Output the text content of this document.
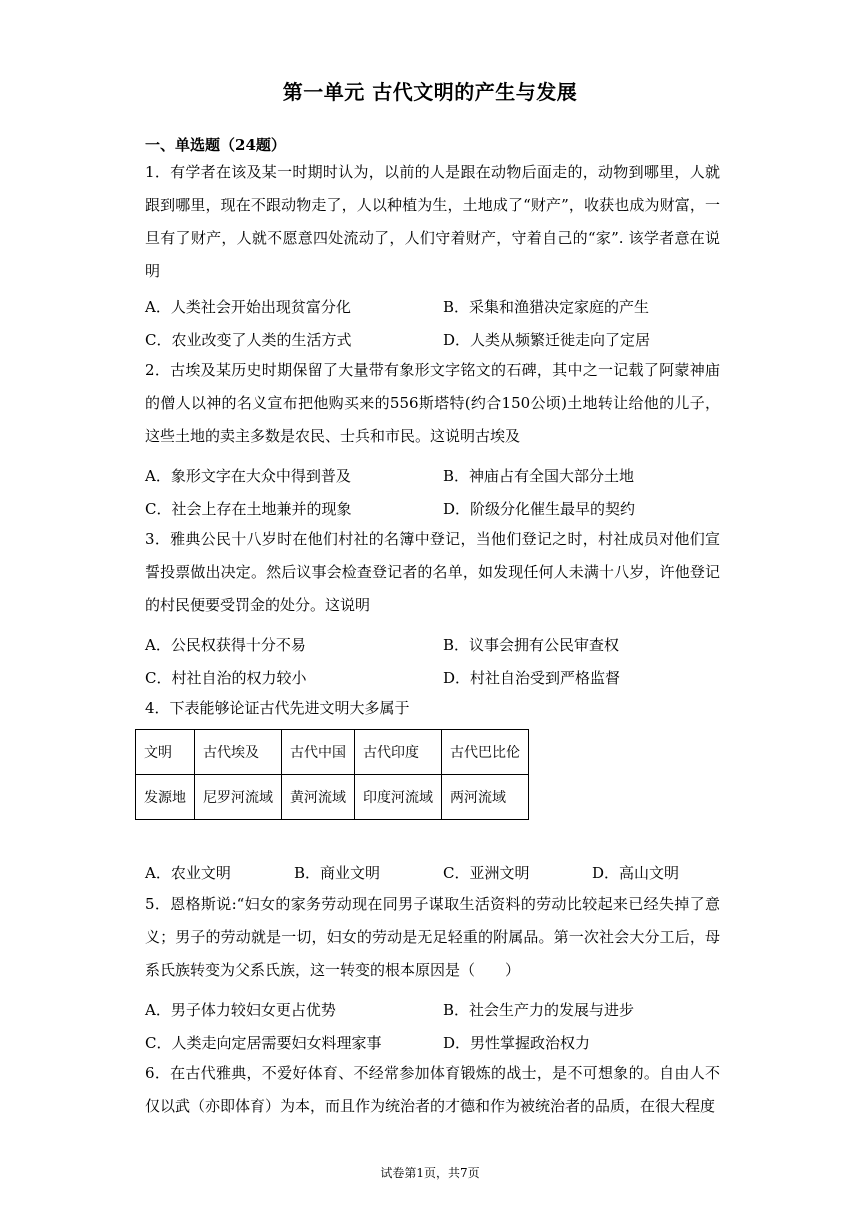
第一单元 古代文明的产生与发展
一、单选题（24题）

1．有学者在该及某一时期时认为，以前的人是跟在动物后面走的，动物到哪里，人就跟到哪里，现在不跟动物走了，人以种植为生，土地成了“财产”，收获也成为财富，一旦有了财产，人就不愿意四处流动了，人们守着财产，守着自己的“家”. 该学者意在说明

A．人类社会开始出现贫富分化	B．采集和渔猎决定家庭的产生
C．农业改变了人类的生活方式	D．人类从频繁迁徙走向了定居

2．古埃及某历史时期保留了大量带有象形文字铭文的石碑，其中之一记载了阿蒙神庙的僧人以神的名义宣布把他购买来的556斯塔特(约合150公顷)土地转让给他的儿子，这些土地的卖主多数是农民、士兵和市民。这说明古埃及

A．象形文字在大众中得到普及	B．神庙占有全国大部分土地
C．社会上存在土地兼并的现象	D．阶级分化催生最早的契约

3．雅典公民十八岁时在他们村社的名簿中登记，当他们登记之时，村社成员对他们宣誓投票做出决定。然后议事会检查登记者的名单，如发现任何人未满十八岁，许他登记的村民便要受罚金的处分。这说明

A．公民权获得十分不易	B．议事会拥有公民审查权
C．村社自治的权力较小	D．村社自治受到严格监督

4．下表能够论证古代先进文明大多属于

文明	古代埃及	古代中国	古代印度	古代巴比伦
发源地	尼罗河流域	黄河流域	印度河流域	两河流域
A．农业文明	B．商业文明	C．亚洲文明	D．高山文明

5．恩格斯说:“妇女的家务劳动现在同男子谋取生活资料的劳动比较起来已经失掉了意义；男子的劳动就是一切，妇女的劳动是无足轻重的附属品。第一次社会大分工后，母系氏族转变为父系氏族，这一转变的根本原因是（　　）

A．男子体力较妇女更占优势	B．社会生产力的发展与进步
C．人类走向定居需要妇女料理家事	D．男性掌握政治权力

6．在古代雅典，不爱好体育、不经常参加体育锻炼的战士，是不可想象的。自由人不仅以武（亦即体育）为本，而且作为统治者的才德和作为被统治者的品质，在很大程度

试卷第1页，共7页
